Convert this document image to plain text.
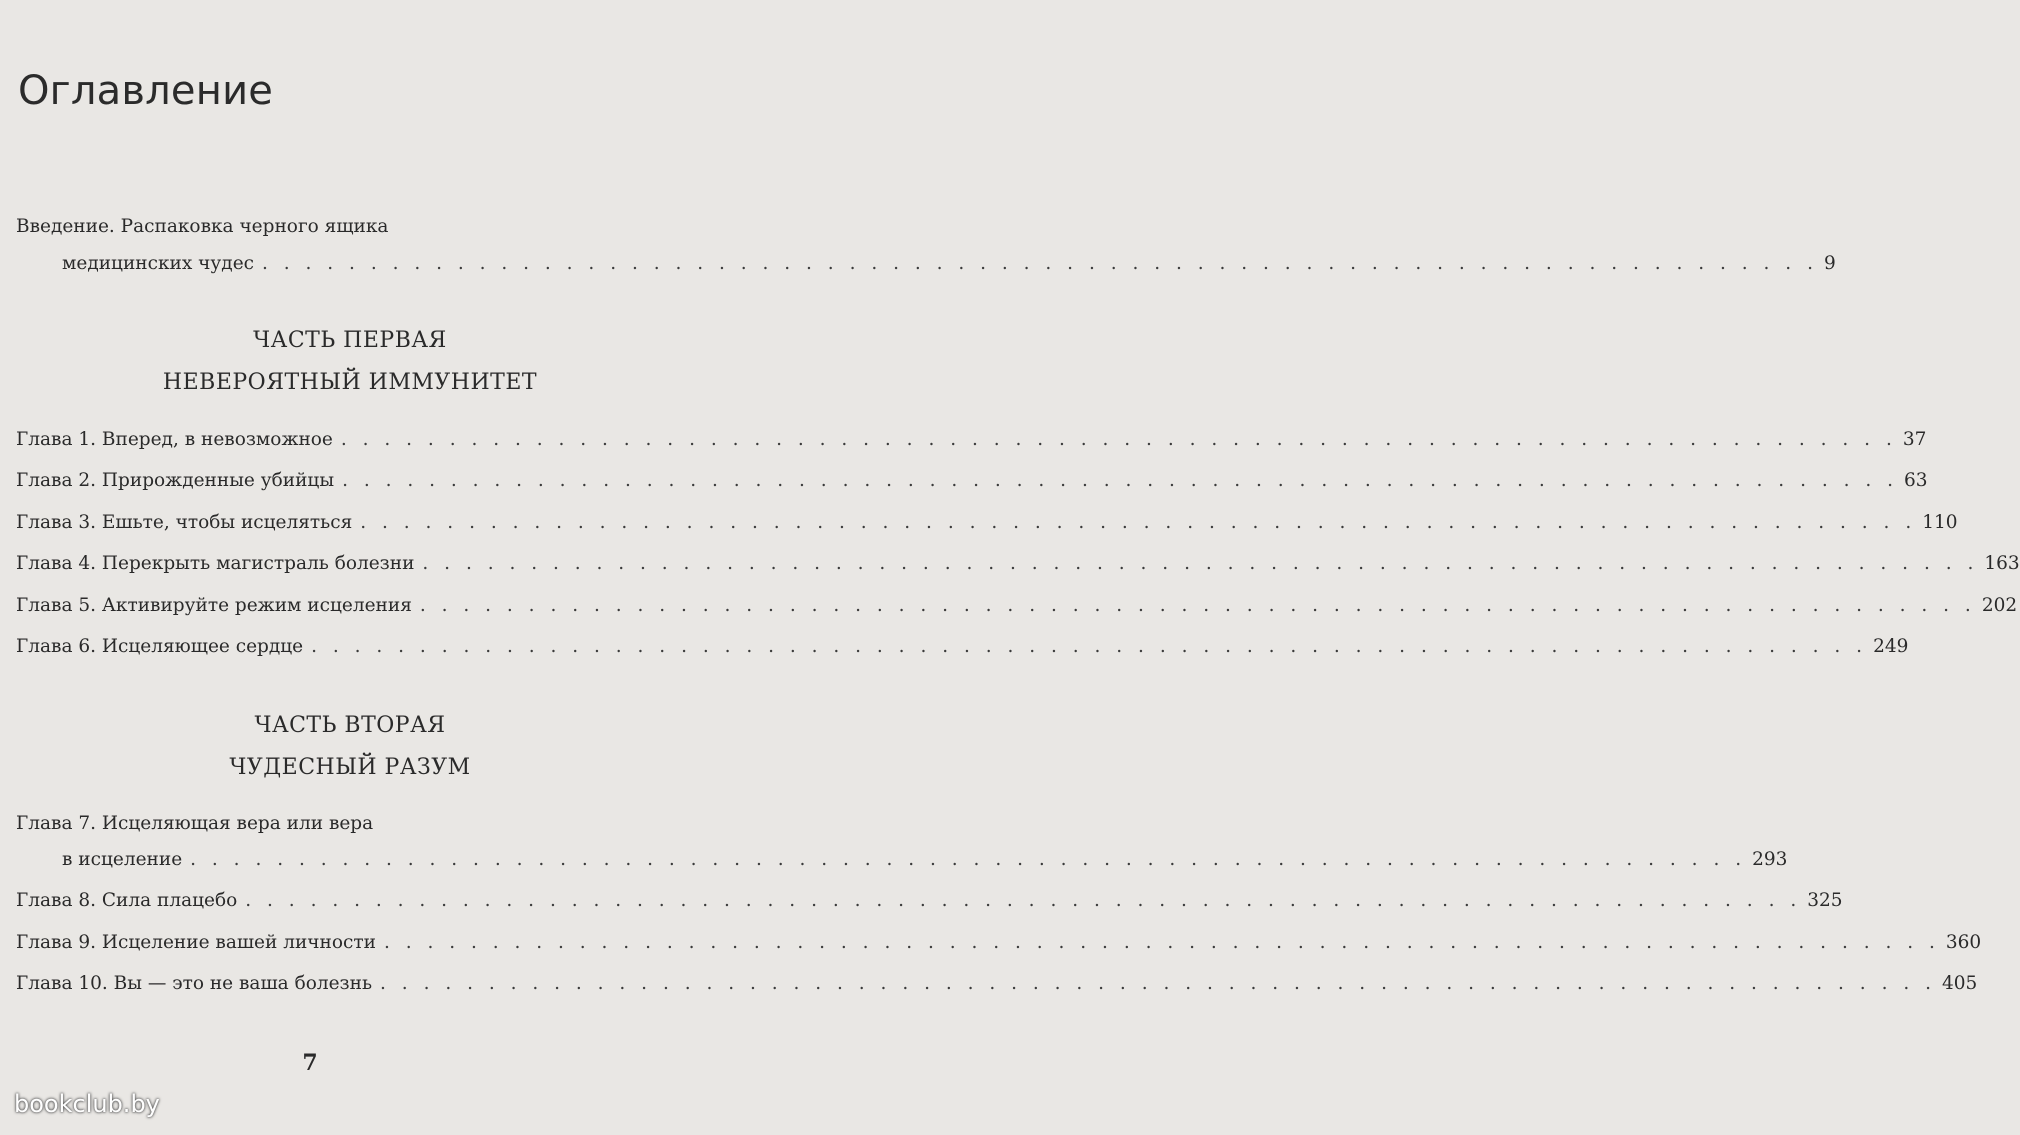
Оглавление
Введение. Распаковка черного ящика
медицинских чудес . . . . . . . . . . . . . . . . . . . . . . . . . . . . . . . . . . . . . . . . . . . . . . . . . . . . . . . . . . . . . . . . . . . . . . . . 9
ЧАСТЬ ПЕРВАЯ
НЕВЕРОЯТНЫЙ ИММУНИТЕТ
Глава 1. Вперед, в невозможное . . . . . . . . . . . . . . . . . . . . . . . . . . . . . . . . . . . . . . . . . . . . . . . . . . . . . . . . . . . . . . . . . . . . . . . . 37
Глава 2. Прирожденные убийцы . . . . . . . . . . . . . . . . . . . . . . . . . . . . . . . . . . . . . . . . . . . . . . . . . . . . . . . . . . . . . . . . . . . . . . . . 63
Глава 3. Ешьте, чтобы исцеляться . . . . . . . . . . . . . . . . . . . . . . . . . . . . . . . . . . . . . . . . . . . . . . . . . . . . . . . . . . . . . . . . . . . . . . . . 110
Глава 4. Перекрыть магистраль болезни . . . . . . . . . . . . . . . . . . . . . . . . . . . . . . . . . . . . . . . . . . . . . . . . . . . . . . . . . . . . . . . . . . . . . . . . 163
Глава 5. Активируйте режим исцеления . . . . . . . . . . . . . . . . . . . . . . . . . . . . . . . . . . . . . . . . . . . . . . . . . . . . . . . . . . . . . . . . . . . . . . . . 202
Глава 6. Исцеляющее сердце . . . . . . . . . . . . . . . . . . . . . . . . . . . . . . . . . . . . . . . . . . . . . . . . . . . . . . . . . . . . . . . . . . . . . . . . 249
ЧАСТЬ ВТОРАЯ
ЧУДЕСНЫЙ РАЗУМ
Глава 7. Исцеляющая вера или вера
в исцеление . . . . . . . . . . . . . . . . . . . . . . . . . . . . . . . . . . . . . . . . . . . . . . . . . . . . . . . . . . . . . . . . . . . . . . . . 293
Глава 8. Сила плацебо . . . . . . . . . . . . . . . . . . . . . . . . . . . . . . . . . . . . . . . . . . . . . . . . . . . . . . . . . . . . . . . . . . . . . . . . 325
Глава 9. Исцеление вашей личности . . . . . . . . . . . . . . . . . . . . . . . . . . . . . . . . . . . . . . . . . . . . . . . . . . . . . . . . . . . . . . . . . . . . . . . . 360
Глава 10. Вы — это не ваша болезнь . . . . . . . . . . . . . . . . . . . . . . . . . . . . . . . . . . . . . . . . . . . . . . . . . . . . . . . . . . . . . . . . . . . . . . . . 405
7
bookclub.by
